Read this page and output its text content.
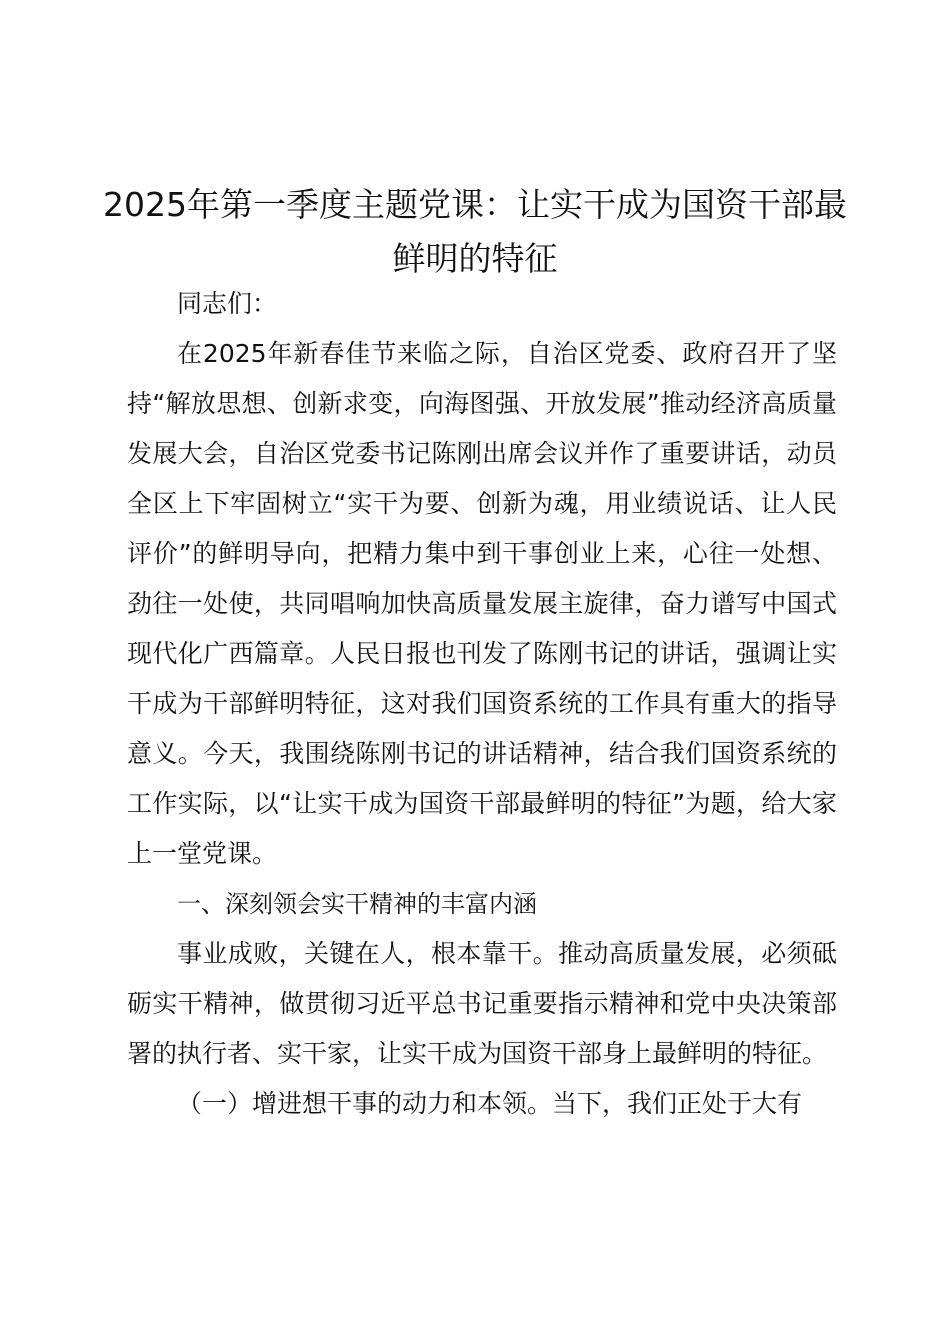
2025年第一季度主题党课：让实干成为国资干部最鲜明的特征

同志们：

在2025年新春佳节来临之际，自治区党委、政府召开了坚持“解放思想、创新求变，向海图强、开放发展”推动经济高质量发展大会，自治区党委书记陈刚出席会议并作了重要讲话，动员全区上下牢固树立“实干为要、创新为魂，用业绩说话、让人民评价”的鲜明导向，把精力集中到干事创业上来，心往一处想、劲往一处使，共同唱响加快高质量发展主旋律，奋力谱写中国式现代化广西篇章。人民日报也刊发了陈刚书记的讲话，强调让实干成为干部鲜明特征，这对我们国资系统的工作具有重大的指导意义。今天，我围绕陈刚书记的讲话精神，结合我们国资系统的工作实际，以“让实干成为国资干部最鲜明的特征”为题，给大家上一堂党课。

一、深刻领会实干精神的丰富内涵

事业成败，关键在人，根本靠干。推动高质量发展，必须砥砺实干精神，做贯彻习近平总书记重要指示精神和党中央决策部署的执行者、实干家，让实干成为国资干部身上最鲜明的特征。

（一）增进想干事的动力和本领。当下，我们正处于大有
